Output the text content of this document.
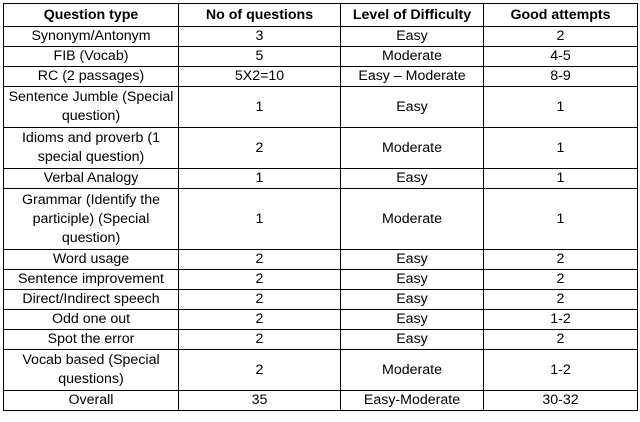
Question type	No of questions	Level of Difficulty	Good attempts
Synonym/Antonym	3	Easy	2
FIB (Vocab)	5	Moderate	4-5
RC (2 passages)	5X2=10	Easy – Moderate	8-9
Sentence Jumble (Special question)	1	Easy	1
Idioms and proverb (1 special question)	2	Moderate	1
Verbal Analogy	1	Easy	1
Grammar (Identify the participle) (Special question)	1	Moderate	1
Word usage	2	Easy	2
Sentence improvement	2	Easy	2
Direct/Indirect speech	2	Easy	2
Odd one out	2	Easy	1-2
Spot the error	2	Easy	2
Vocab based (Special questions)	2	Moderate	1-2
Overall	35	Easy-Moderate	30-32
